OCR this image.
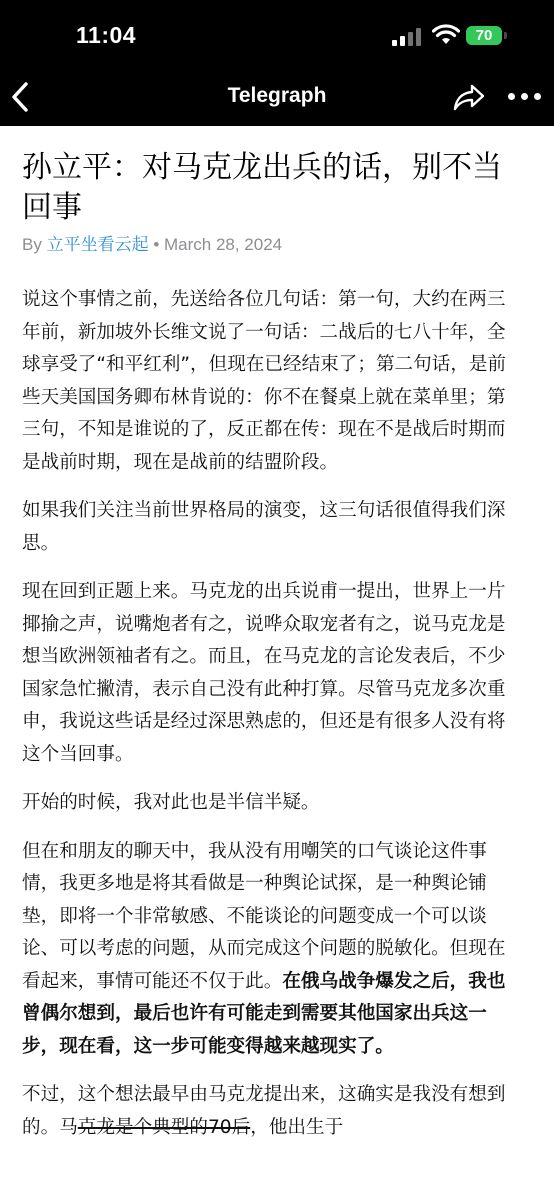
11:04	70
Telegraph
孙立平：对马克龙出兵的话，别不当回事
By 立平坐看云起 • March 28, 2024

说这个事情之前，先送给各位几句话：第一句，大约在两三年前，新加坡外长维文说了一句话：二战后的七八十年，全球享受了“和平红利”，但现在已经结束了；第二句话，是前些天美国国务卿布林肯说的：你不在餐桌上就在菜单里；第三句，不知是谁说的了，反正都在传：现在不是战后时期而是战前时期，现在是战前的结盟阶段。

如果我们关注当前世界格局的演变，这三句话很值得我们深思。

现在回到正题上来。马克龙的出兵说甫一提出，世界上一片揶揄之声，说嘴炮者有之，说哗众取宠者有之，说马克龙是想当欧洲领袖者有之。而且，在马克龙的言论发表后，不少国家急忙撇清，表示自己没有此种打算。尽管马克龙多次重申，我说这些话是经过深思熟虑的，但还是有很多人没有将这个当回事。

开始的时候，我对此也是半信半疑。

但在和朋友的聊天中，我从没有用嘲笑的口气谈论这件事情，我更多地是将其看做是一种舆论试探，是一种舆论铺垫，即将一个非常敏感、不能谈论的问题变成一个可以谈论、可以考虑的问题，从而完成这个问题的脱敏化。但现在看起来，事情可能还不仅于此。在俄乌战争爆发之后，我也曾偶尔想到，最后也许有可能走到需要其他国家出兵这一步，现在看，这一步可能变得越来越现实了。

不过，这个想法最早由马克龙提出来，这确实是我没有想到的。马克龙是个典型的70后，他出生于
